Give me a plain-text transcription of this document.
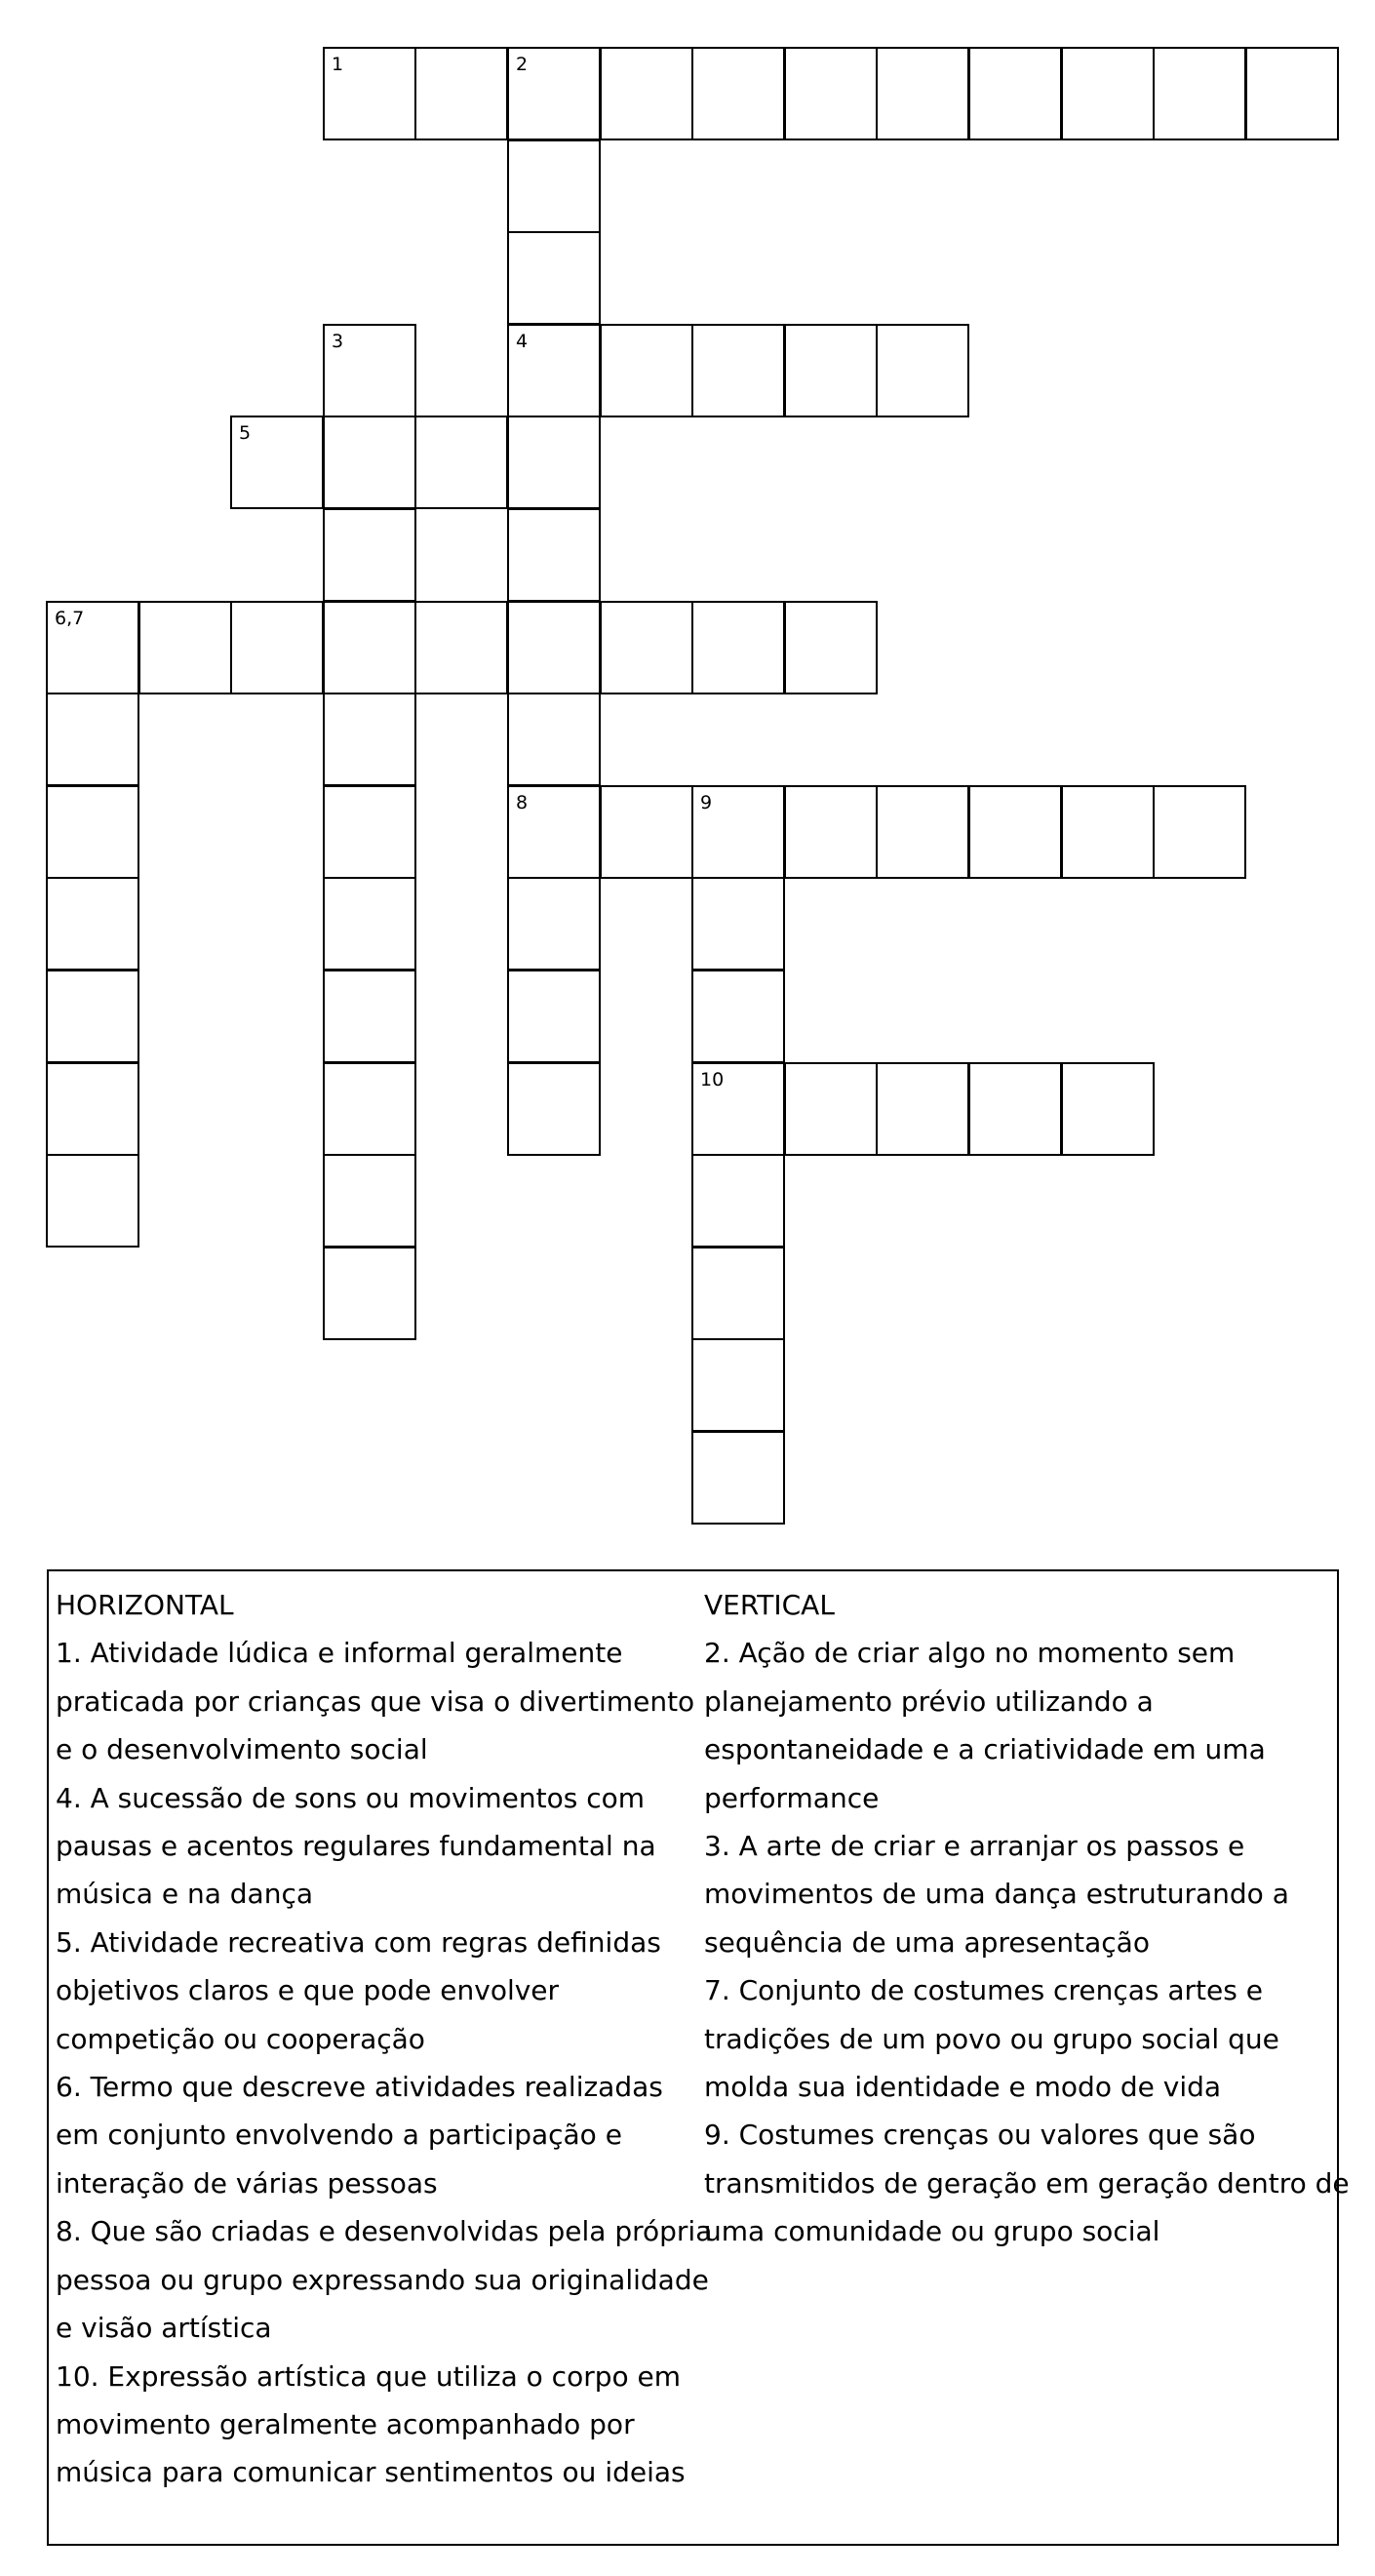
1	2
3	4
5
6,7
8	9
10
HORIZONTAL
1. Atividade lúdica e informal geralmente
praticada por crianças que visa o divertimento
e o desenvolvimento social
4. A sucessão de sons ou movimentos com
pausas e acentos regulares fundamental na
música e na dança
5. Atividade recreativa com regras definidas
objetivos claros e que pode envolver
competição ou cooperação
6. Termo que descreve atividades realizadas
em conjunto envolvendo a participação e
interação de várias pessoas
8. Que são criadas e desenvolvidas pela própria
pessoa ou grupo expressando sua originalidade
e visão artística
10. Expressão artística que utiliza o corpo em
movimento geralmente acompanhado por
música para comunicar sentimentos ou ideias
VERTICAL
2. Ação de criar algo no momento sem
planejamento prévio utilizando a
espontaneidade e a criatividade em uma
performance
3. A arte de criar e arranjar os passos e
movimentos de uma dança estruturando a
sequência de uma apresentação
7. Conjunto de costumes crenças artes e
tradições de um povo ou grupo social que
molda sua identidade e modo de vida
9. Costumes crenças ou valores que são
transmitidos de geração em geração dentro de
uma comunidade ou grupo social
